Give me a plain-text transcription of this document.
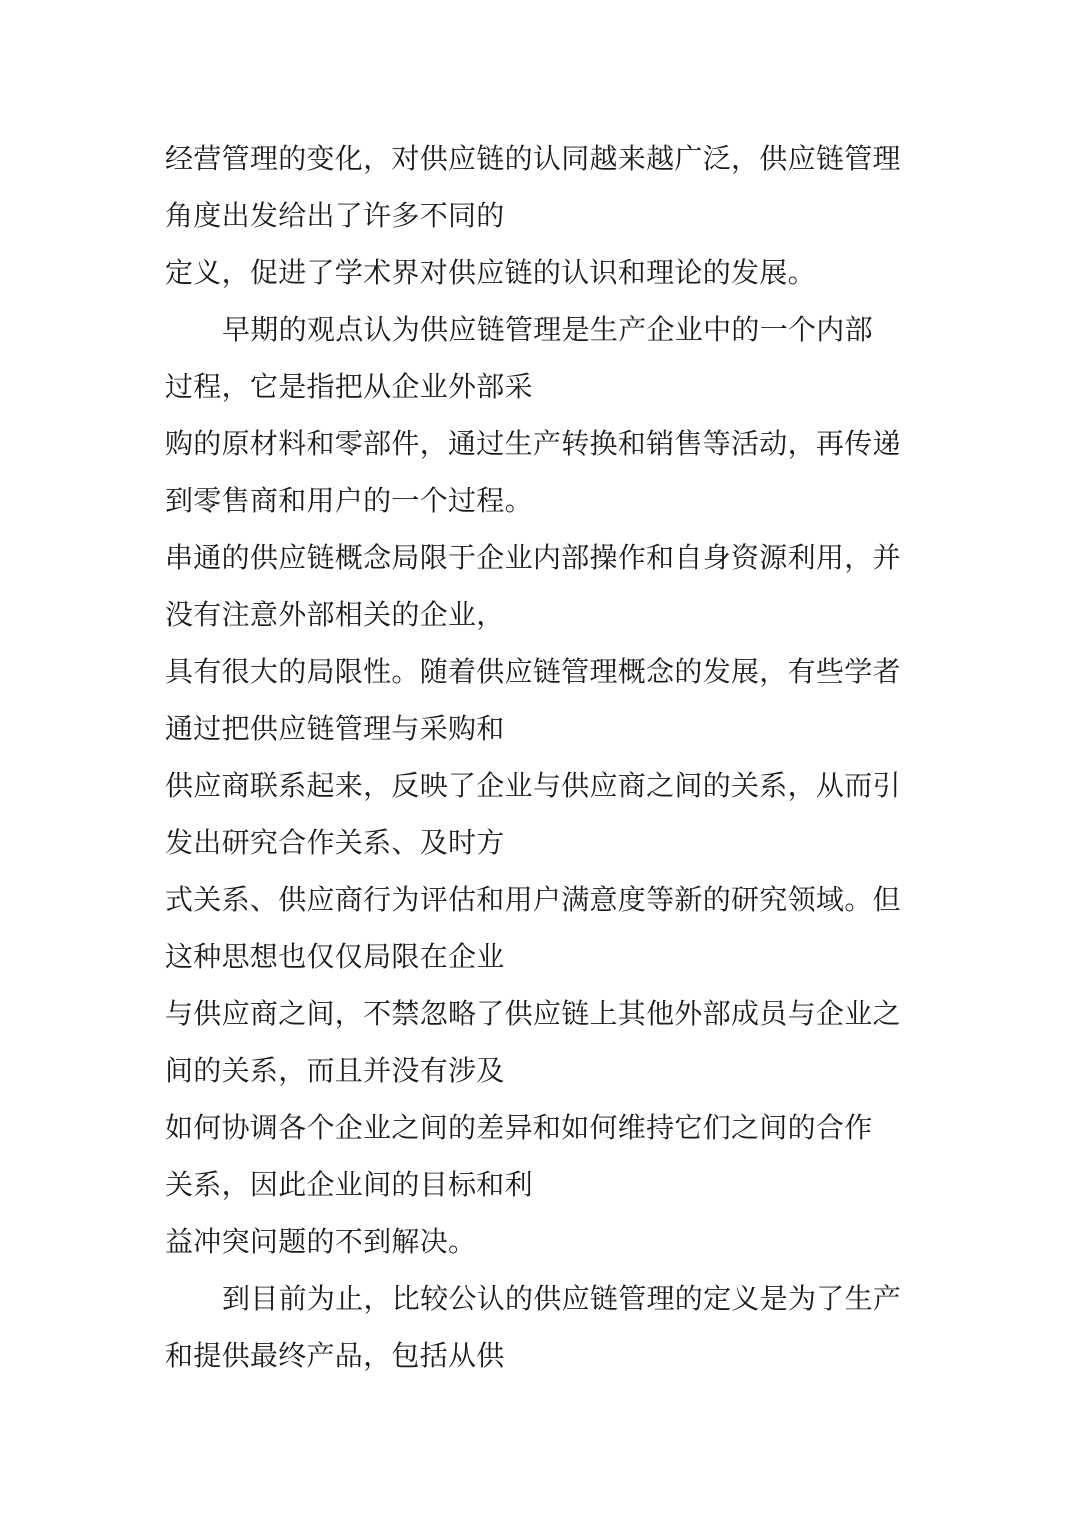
经营管理的变化，对供应链的认同越来越广泛，供应链管理
角度出发给出了许多不同的
定义，促进了学术界对供应链的认识和理论的发展。
早期的观点认为供应链管理是生产企业中的一个内部
过程，它是指把从企业外部采
购的原材料和零部件，通过生产转换和销售等活动，再传递
到零售商和用户的一个过程。
串通的供应链概念局限于企业内部操作和自身资源利用，并
没有注意外部相关的企业，
具有很大的局限性。随着供应链管理概念的发展，有些学者
通过把供应链管理与采购和
供应商联系起来，反映了企业与供应商之间的关系，从而引
发出研究合作关系、及时方
式关系、供应商行为评估和用户满意度等新的研究领域。但
这种思想也仅仅局限在企业
与供应商之间，不禁忽略了供应链上其他外部成员与企业之
间的关系，而且并没有涉及
如何协调各个企业之间的差异和如何维持它们之间的合作
关系，因此企业间的目标和利
益冲突问题的不到解决。
到目前为止，比较公认的供应链管理的定义是为了生产
和提供最终产品，包括从供
